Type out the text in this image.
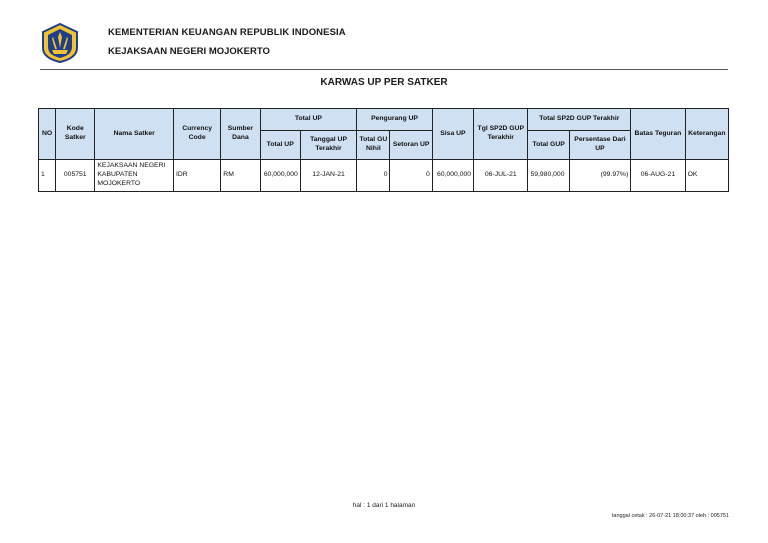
KEMENTERIAN KEUANGAN REPUBLIK INDONESIA
KEJAKSAAN NEGERI MOJOKERTO
KARWAS UP PER SATKER
NO	Kode Satker	Nama Satker	Currency Code	Sumber Dana	Total UP		Pengurang UP		Sisa UP	Tgl SP2D GUP Terakhir	Total SP2D GUP Terakhir		Batas Teguran	Keterangan
					Total UP	Tanggal UP Terakhir	Total GU Nihil	Setoran UP			Total GUP	Persentase Dari UP		
1	005751	KEJAKSAAN NEGERI KABUPATEN MOJOKERTO	IDR	RM	60,000,000	12-JAN-21	0	0	60,000,000	06-JUL-21	59,980,000	(99.97%)	06-AUG-21	OK
hal : 1 dari 1 halaman
tanggal cetak : 26-07-21 18:00:37 oleh : 005751
